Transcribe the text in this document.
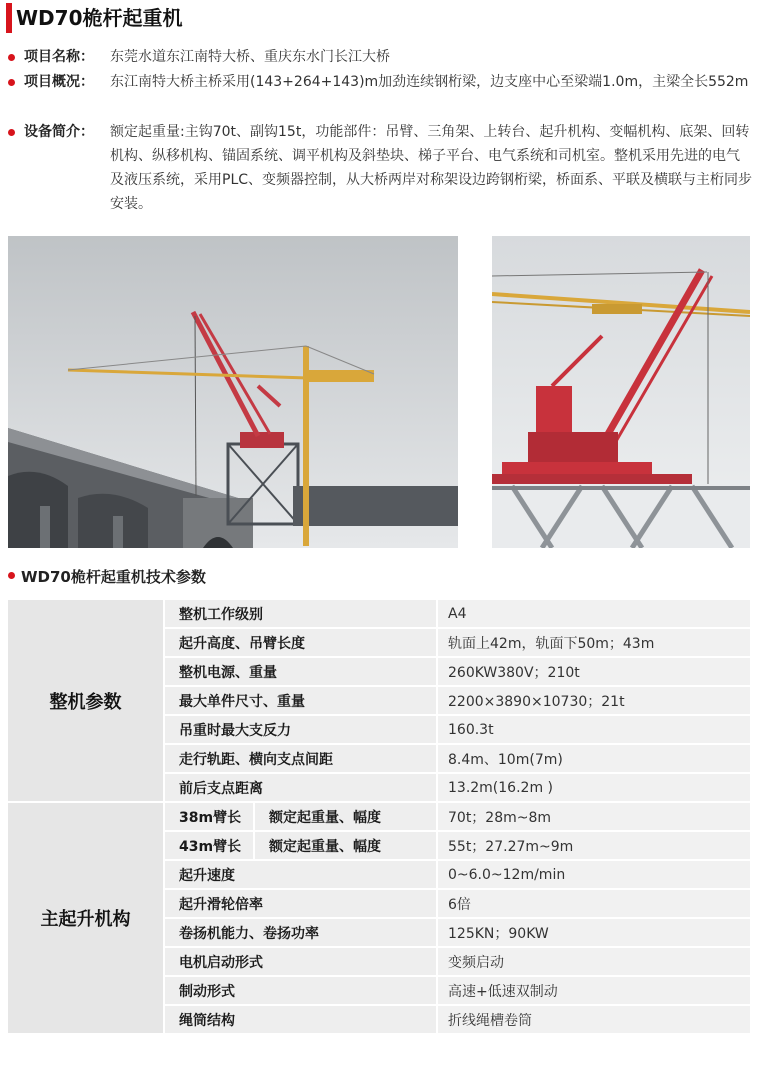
WD70桅杆起重机
项目名称： 东莞水道东江南特大桥、重庆东水门长江大桥
项目概况： 东江南特大桥主桥采用(143+264+143)m加劲连续钢桁梁，边支座中心至梁端1.0m，主梁全长552m
设备简介： 额定起重量:主钩70t、副钩15t，功能部件：吊臂、三角架、上转台、起升机构、变幅机构、底架、回转机构、纵移机构、锚固系统、调平机构及斜垫块、梯子平台、电气系统和司机室。整机采用先进的电气及液压系统，采用PLC、变频器控制，从大桥两岸对称架设边跨钢桁梁，桥面系、平联及横联与主桁同步安装。
WD70桅杆起重机技术参数
整机参数	整机工作级别		A4
	起升高度、吊臂长度		轨面上42m，轨面下50m；43m
	整机电源、重量		260KW380V；210t
	最大单件尺寸、重量		2200×3890×10730；21t
	吊重时最大支反力		160.3t
	走行轨距、横向支点间距		8.4m、10m(7m)
	前后支点距离		13.2m(16.2m )
主起升机构	38m臂长	额定起重量、幅度	70t；28m~8m
	43m臂长	额定起重量、幅度	55t；27.27m~9m
	起升速度		0~6.0~12m/min
	起升滑轮倍率		6倍
	卷扬机能力、卷扬功率		125KN；90KW
	电机启动形式		变频启动
	制动形式		高速+低速双制动
	绳筒结构		折线绳槽卷筒
